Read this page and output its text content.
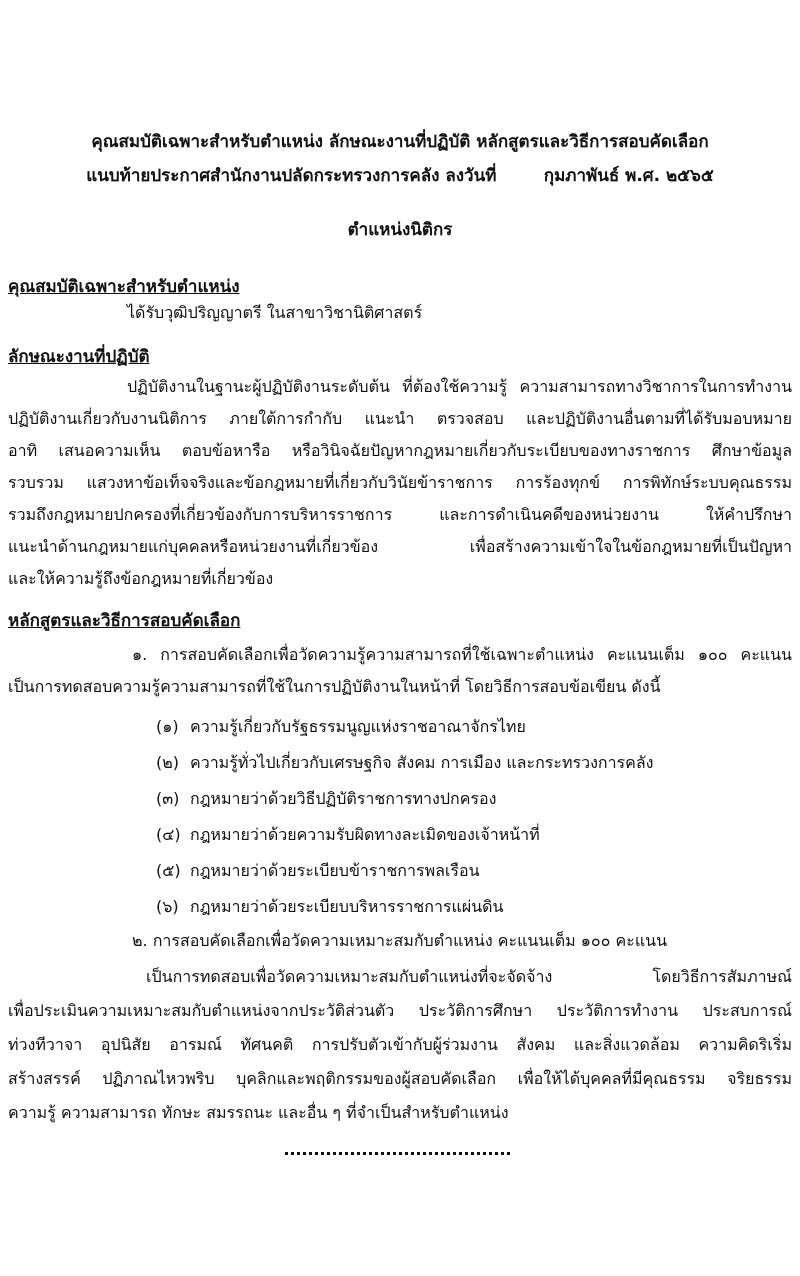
คุณสมบัติเฉพาะสำหรับตำแหน่ง ลักษณะงานที่ปฏิบัติ หลักสูตรและวิธีการสอบคัดเลือก
แนบท้ายประกาศสำนักงานปลัดกระทรวงการคลัง ลงวันที่        กุมภาพันธ์ พ.ศ. ๒๕๖๕
ตำแหน่งนิติกร
คุณสมบัติเฉพาะสำหรับตำแหน่ง
ได้รับวุฒิปริญญาตรี ในสาขาวิชานิติศาสตร์
ลักษณะงานที่ปฏิบัติ
ปฏิบัติงานในฐานะผู้ปฏิบัติงานระดับต้น ที่ต้องใช้ความรู้ ความสามารถทางวิชาการในการทำงาน
ปฏิบัติงานเกี่ยวกับงานนิติการ ภายใต้การกำกับ แนะนำ ตรวจสอบ และปฏิบัติงานอื่นตามที่ได้รับมอบหมาย
อาทิ เสนอความเห็น ตอบข้อหารือ หรือวินิจฉัยปัญหากฎหมายเกี่ยวกับระเบียบของทางราชการ ศึกษาข้อมูล
รวบรวม แสวงหาข้อเท็จจริงและข้อกฎหมายที่เกี่ยวกับวินัยข้าราชการ การร้องทุกข์ การพิทักษ์ระบบคุณธรรม
รวมถึงกฎหมายปกครองที่เกี่ยวข้องกับการบริหารราชการ และการดำเนินคดีของหน่วยงาน ให้คำปรึกษา
แนะนำด้านกฎหมายแก่บุคคลหรือหน่วยงานที่เกี่ยวข้อง เพื่อสร้างความเข้าใจในข้อกฎหมายที่เป็นปัญหา
และให้ความรู้ถึงข้อกฎหมายที่เกี่ยวข้อง
หลักสูตรและวิธีการสอบคัดเลือก
๑. การสอบคัดเลือกเพื่อวัดความรู้ความสามารถที่ใช้เฉพาะตำแหน่ง คะแนนเต็ม ๑๐๐ คะแนน
เป็นการทดสอบความรู้ความสามารถที่ใช้ในการปฏิบัติงานในหน้าที่ โดยวิธีการสอบข้อเขียน ดังนี้
(๑) ความรู้เกี่ยวกับรัฐธรรมนูญแห่งราชอาณาจักรไทย
(๒) ความรู้ทั่วไปเกี่ยวกับเศรษฐกิจ สังคม การเมือง และกระทรวงการคลัง
(๓) กฎหมายว่าด้วยวิธีปฏิบัติราชการทางปกครอง
(๔) กฎหมายว่าด้วยความรับผิดทางละเมิดของเจ้าหน้าที่
(๕) กฎหมายว่าด้วยระเบียบข้าราชการพลเรือน
(๖) กฎหมายว่าด้วยระเบียบบริหารราชการแผ่นดิน
๒. การสอบคัดเลือกเพื่อวัดความเหมาะสมกับตำแหน่ง คะแนนเต็ม ๑๐๐ คะแนน
เป็นการทดสอบเพื่อวัดความเหมาะสมกับตำแหน่งที่จะจัดจ้าง โดยวิธีการสัมภาษณ์
เพื่อประเมินความเหมาะสมกับตำแหน่งจากประวัติส่วนตัว ประวัติการศึกษา ประวัติการทำงาน ประสบการณ์
ท่วงทีวาจา อุปนิสัย อารมณ์ ทัศนคติ การปรับตัวเข้ากับผู้ร่วมงาน สังคม และสิ่งแวดล้อม ความคิดริเริ่ม
สร้างสรรค์ ปฏิภาณไหวพริบ บุคลิกและพฤติกรรมของผู้สอบคัดเลือก เพื่อให้ได้บุคคลที่มีคุณธรรม จริยธรรม
ความรู้ ความสามารถ ทักษะ สมรรถนะ และอื่น ๆ ที่จำเป็นสำหรับตำแหน่ง
